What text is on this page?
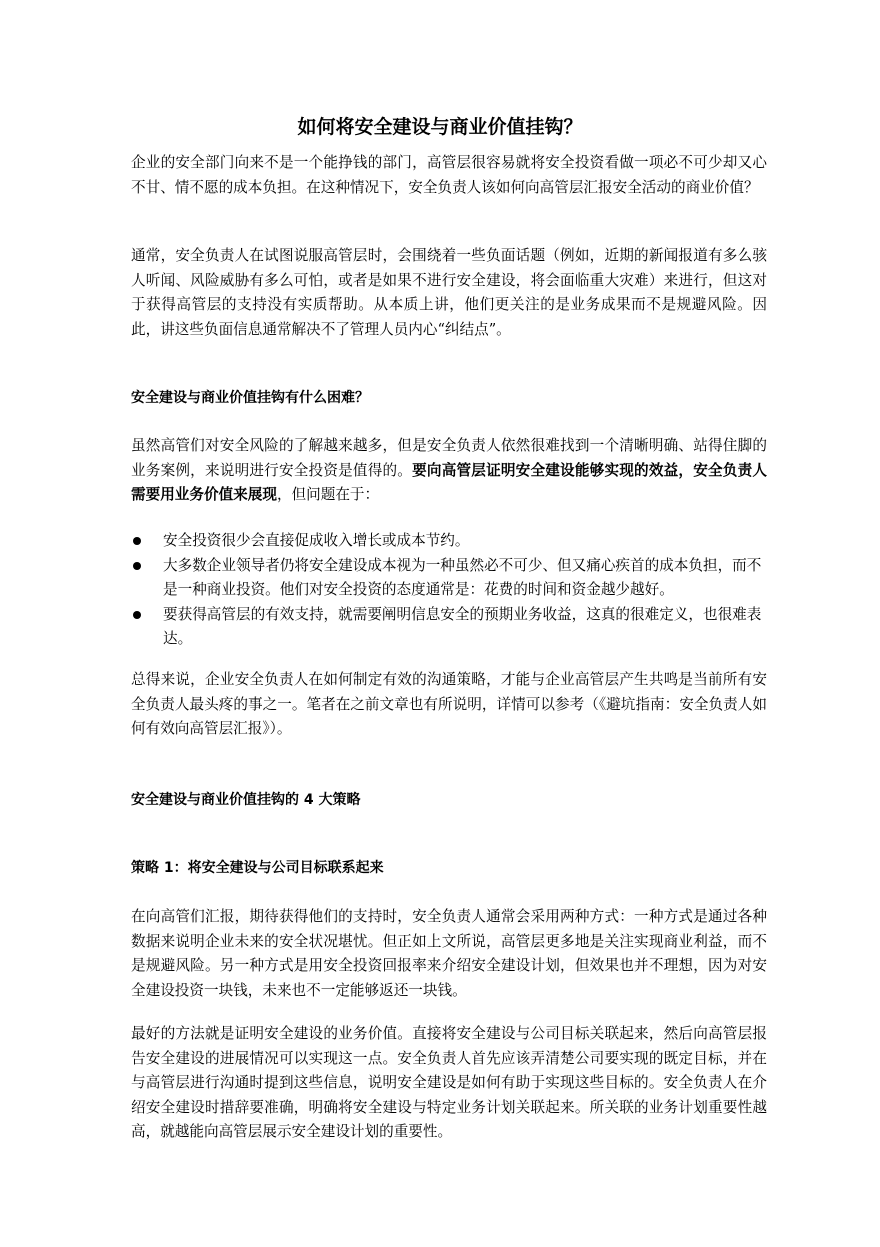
如何将安全建设与商业价值挂钩？

企业的安全部门向来不是一个能挣钱的部门，高管层很容易就将安全投资看做一项必不可少却又心不甘、情不愿的成本负担。在这种情况下，安全负责人该如何向高管层汇报安全活动的商业价值？

通常，安全负责人在试图说服高管层时，会围绕着一些负面话题（例如，近期的新闻报道有多么骇人听闻、风险威胁有多么可怕，或者是如果不进行安全建设，将会面临重大灾难）来进行，但这对于获得高管层的支持没有实质帮助。从本质上讲，他们更关注的是业务成果而不是规避风险。因此，讲这些负面信息通常解决不了管理人员内心“纠结点”。

安全建设与商业价值挂钩有什么困难？

虽然高管们对安全风险的了解越来越多，但是安全负责人依然很难找到一个清晰明确、站得住脚的业务案例，来说明进行安全投资是值得的。要向高管层证明安全建设能够实现的效益，安全负责人需要用业务价值来展现，但问题在于：

安全投资很少会直接促成收入增长或成本节约。
大多数企业领导者仍将安全建设成本视为一种虽然必不可少、但又痛心疾首的成本负担，而不是一种商业投资。他们对安全投资的态度通常是：花费的时间和资金越少越好。
要获得高管层的有效支持，就需要阐明信息安全的预期业务收益，这真的很难定义，也很难表达。

总得来说，企业安全负责人在如何制定有效的沟通策略，才能与企业高管层产生共鸣是当前所有安全负责人最头疼的事之一。笔者在之前文章也有所说明，详情可以参考（《避坑指南：安全负责人如何有效向高管层汇报》）。

安全建设与商业价值挂钩的 4 大策略
策略 1：将安全建设与公司目标联系起来

在向高管们汇报，期待获得他们的支持时，安全负责人通常会采用两种方式：一种方式是通过各种数据来说明企业未来的安全状况堪忧。但正如上文所说，高管层更多地是关注实现商业利益，而不是规避风险。另一种方式是用安全投资回报率来介绍安全建设计划，但效果也并不理想，因为对安全建设投资一块钱，未来也不一定能够返还一块钱。

最好的方法就是证明安全建设的业务价值。直接将安全建设与公司目标关联起来，然后向高管层报告安全建设的进展情况可以实现这一点。安全负责人首先应该弄清楚公司要实现的既定目标，并在与高管层进行沟通时提到这些信息，说明安全建设是如何有助于实现这些目标的。安全负责人在介绍安全建设时措辞要准确，明确将安全建设与特定业务计划关联起来。所关联的业务计划重要性越高，就越能向高管层展示安全建设计划的重要性。
